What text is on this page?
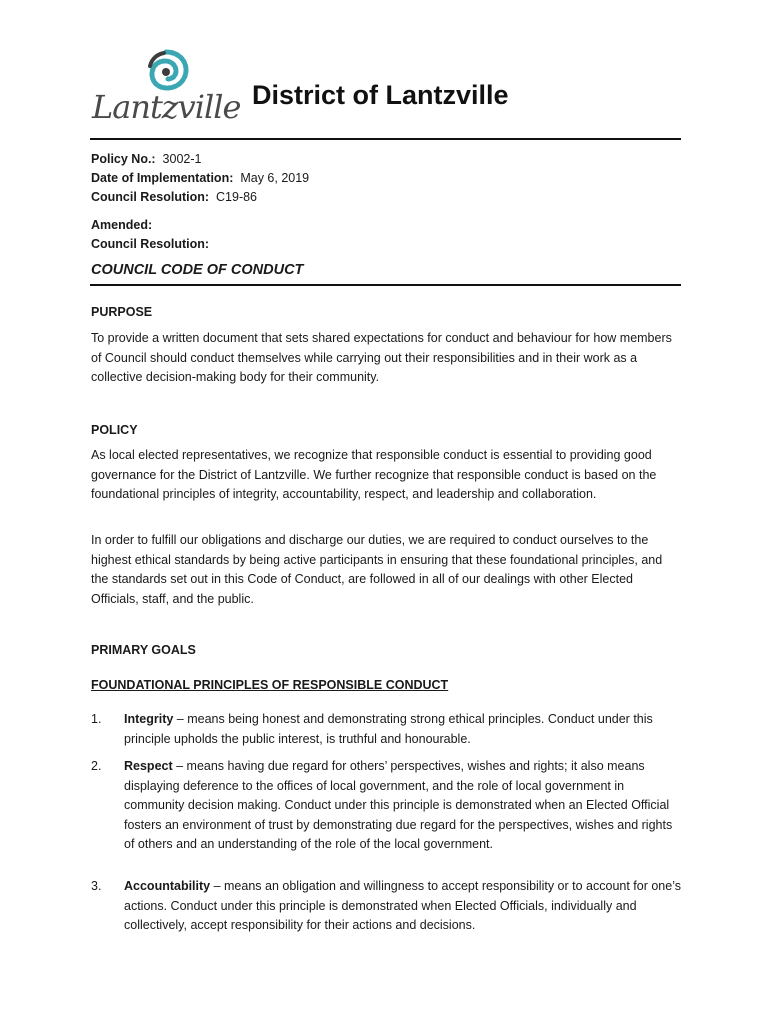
Lantzville District of Lantzville
Policy No.: 3002-1
Date of Implementation: May 6, 2019
Council Resolution: C19-86
Amended:
Council Resolution:
COUNCIL CODE OF CONDUCT
PURPOSE
To provide a written document that sets shared expectations for conduct and behaviour for how members of Council should conduct themselves while carrying out their responsibilities and in their work as a collective decision-making body for their community.
POLICY
As local elected representatives, we recognize that responsible conduct is essential to providing good governance for the District of Lantzville. We further recognize that responsible conduct is based on the foundational principles of integrity, accountability, respect, and leadership and collaboration.
In order to fulfill our obligations and discharge our duties, we are required to conduct ourselves to the highest ethical standards by being active participants in ensuring that these foundational principles, and the standards set out in this Code of Conduct, are followed in all of our dealings with other Elected Officials, staff, and the public.
PRIMARY GOALS
FOUNDATIONAL PRINCIPLES OF RESPONSIBLE CONDUCT
1. Integrity – means being honest and demonstrating strong ethical principles. Conduct under this principle upholds the public interest, is truthful and honourable.
2. Respect – means having due regard for others’ perspectives, wishes and rights; it also means displaying deference to the offices of local government, and the role of local government in community decision making. Conduct under this principle is demonstrated when an Elected Official fosters an environment of trust by demonstrating due regard for the perspectives, wishes and rights of others and an understanding of the role of the local government.
3. Accountability – means an obligation and willingness to accept responsibility or to account for one’s actions. Conduct under this principle is demonstrated when Elected Officials, individually and collectively, accept responsibility for their actions and decisions.
